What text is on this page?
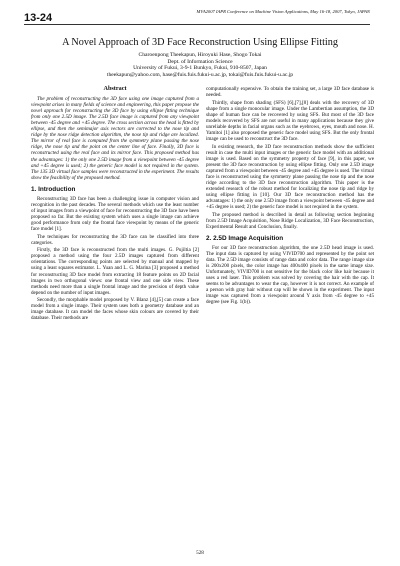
13-24
MVA2007 IAPR Conference on Machine Vision Applications, May 16-18, 2007, Tokyo, JAPAN
A Novel Approach of 3D Face Reconstruction Using Ellipse Fitting
Charoenpong Theekapun, Hiroyuki Hase, Shogo Tokai
Dept. of Information Science
University of Fukui, 3-9-1 Bunkyo, Fukui, 910-8507, Japan
theekapun@yahoo.com, hase@fuis.fuis.fukui-u.ac.jp, tokai@fuis.fuis.fukui-u.ac.jp
Abstract

The problem of reconstructing the 3D face using one image captured from a viewpoint arises in many fields of science and engineering, this paper propose the novel approach for reconstructing the 3D face by using ellipse fitting technique from only one 2.5D image. The 2.5D face image is captured from any viewpoint between -45 degree and +45 degree. The cross section across the head is fitted by ellipse, and then the semimajor axis vectors are corrected to the nose tip and ridge by the nose ridge detection algorithm, the nose tip and ridge are localized. The mirror of real face is computed from the symmetry plane passing the nose ridge, the nose tip and the point on the center line of face. Finally, 3D face is reconstructed using the real face and its mirror face. This proposed method has the advantages: 1) the only one 2.5D image from a viewpoint between -45 degree and +45 degree is used; 2) the generic face model is not required in the system. The 135 3D virtual face samples were reconstructed in the experiment. The results show the feasibility of the proposed method.

1. Introduction

Reconstructing 3D face has been a challenging issue in computer vision and recognition in the past decades. The several methods which use the least number of input images from a viewpoint of face for reconstructing the 3D face have been proposed so far. But the existing system which uses a single image can achieve good performance from only the frontal face viewpoint by means of the generic face model [1].

The techniques for reconstructing the 3D face can be classified into three categories.

Firstly, the 3D face is reconstructed from the multi images. G. Pujiltia [2] proposed a method using the four 2.5D images captured from different orientations. The corresponding points are selected by manual and mapped by using a least squares estimator. L. Yuan and L. G. Marina [3] proposed a method for reconstructing 3D face model from extracting 18 feature points on 2D facial images in two orthogonal views: one frontal view and one side view. These methods need more than a single frontal image and the precision of depth value depend on the number of input images.

Secondly, the morphable model proposed by V. Blanz [4],[5] can create a face model from a single image. Their system uses both a geometry database and an image database. It can model the faces whose skin colours are covered by their database. Their methods are

computationally expensive. To obtain the training set, a large 3D face database is needed.

Thirdly, shape from shading (SFS) [6],[7],[8] deals with the recovery of 3D shape from a single monocular image. Under the Lambertian assumption, the 3D shape of human face can be recovered by using SFS. But most of the 3D face models recovered by SFS are not useful in many applications because they give unreliable depths in facial organs such as the eyebrows, eyes, mouth and nose. H. Yamitoi [1] also proposed the generic face model using SFS. But the only frontal image can be used to reconstruct the 3D face.

In existing research, the 3D face reconstruction methods show the sufficient result in case the multi input images or the generic face model with an additional image is used. Based on the symmetry property of face [9], in this paper, we present the 3D face reconstruction by using ellipse fitting. Only one 2.5D image captured from a viewpoint between -45 degree and +45 degree is used. The virtual face is reconstructed using the symmetry plane passing the nose tip and the nose ridge according to the 3D face reconstruction algorithm. This paper is the extended research of the robust method for localizing the nose tip and ridge by using ellipse fitting in [10]. Our 3D face reconstruction method has the advantages: 1) the only one 2.5D image from a viewpoint between -45 degree and +45 degree is used; 2) the generic face model is not required in the system.

The proposed method is described in detail as following section beginning from 2.5D Image Acquisition, Nose Ridge Localization, 3D Face Reconstruction, Experimental Result and Conclusion, finally.

2. 2.5D Image Acquisition

For our 3D face reconstruction algorithm, the one 2.5D head image is used. The input data is captured by using VIVID700 and represented by the point set data. The 2.5D image consists of range data and color data. The range image size is 200x200 pixels, the color image has 400x400 pixels in the same image size. Unfortunately, VIVID700 is not sensitive for the black color like hair because it uses a red laser. This problem was solved by covering the hair with the cap. It seems to be advantages to wear the cap, however it is not correct. An example of a person with gray hair without cap will be shown in the experiment. The input image was captured from a viewpoint around Y axis from -45 degree to +45 degree (see Fig. 1(b)).

528
